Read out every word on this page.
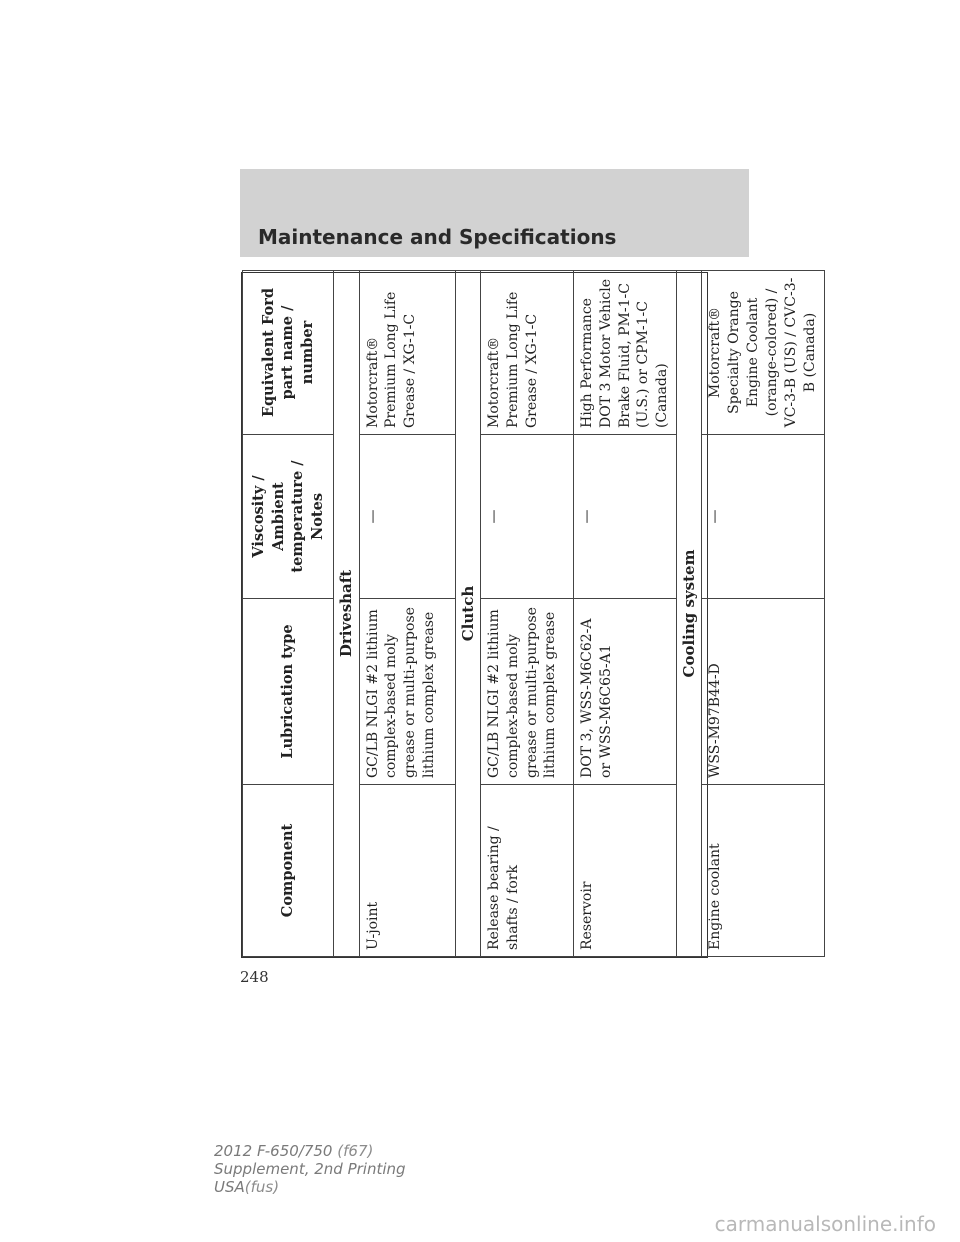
Maintenance and Specifications
Component	Lubrication type	Viscosity / Ambient temperature / Notes	Equivalent Ford part name / number
Driveshaft			
U-joint	GC/LB NLGI #2 lithium complex-based moly grease or multi-purpose lithium complex grease	—	Motorcraft® Premium Long Life Grease / XG-1-C
Clutch			
Release bearing / shafts / fork	GC/LB NLGI #2 lithium complex-based moly grease or multi-purpose lithium complex grease	—	Motorcraft® Premium Long Life Grease / XG-1-C
Reservoir	DOT 3, WSS-M6C62-A or WSS-M6C65-A1	—	High Performance DOT 3 Motor Vehicle Brake Fluid, PM-1-C (U.S.) or CPM-1-C (Canada)
Cooling system			
Engine coolant	WSS-M97B44-D	—	Motorcraft® Specialty Orange Engine Coolant (orange-colored) / VC-3-B (US) / CVC-3-B (Canada)
248
2012 F-650/750 (f67)
Supplement, 2nd Printing
USA(fus)
carmanualsonline.info
